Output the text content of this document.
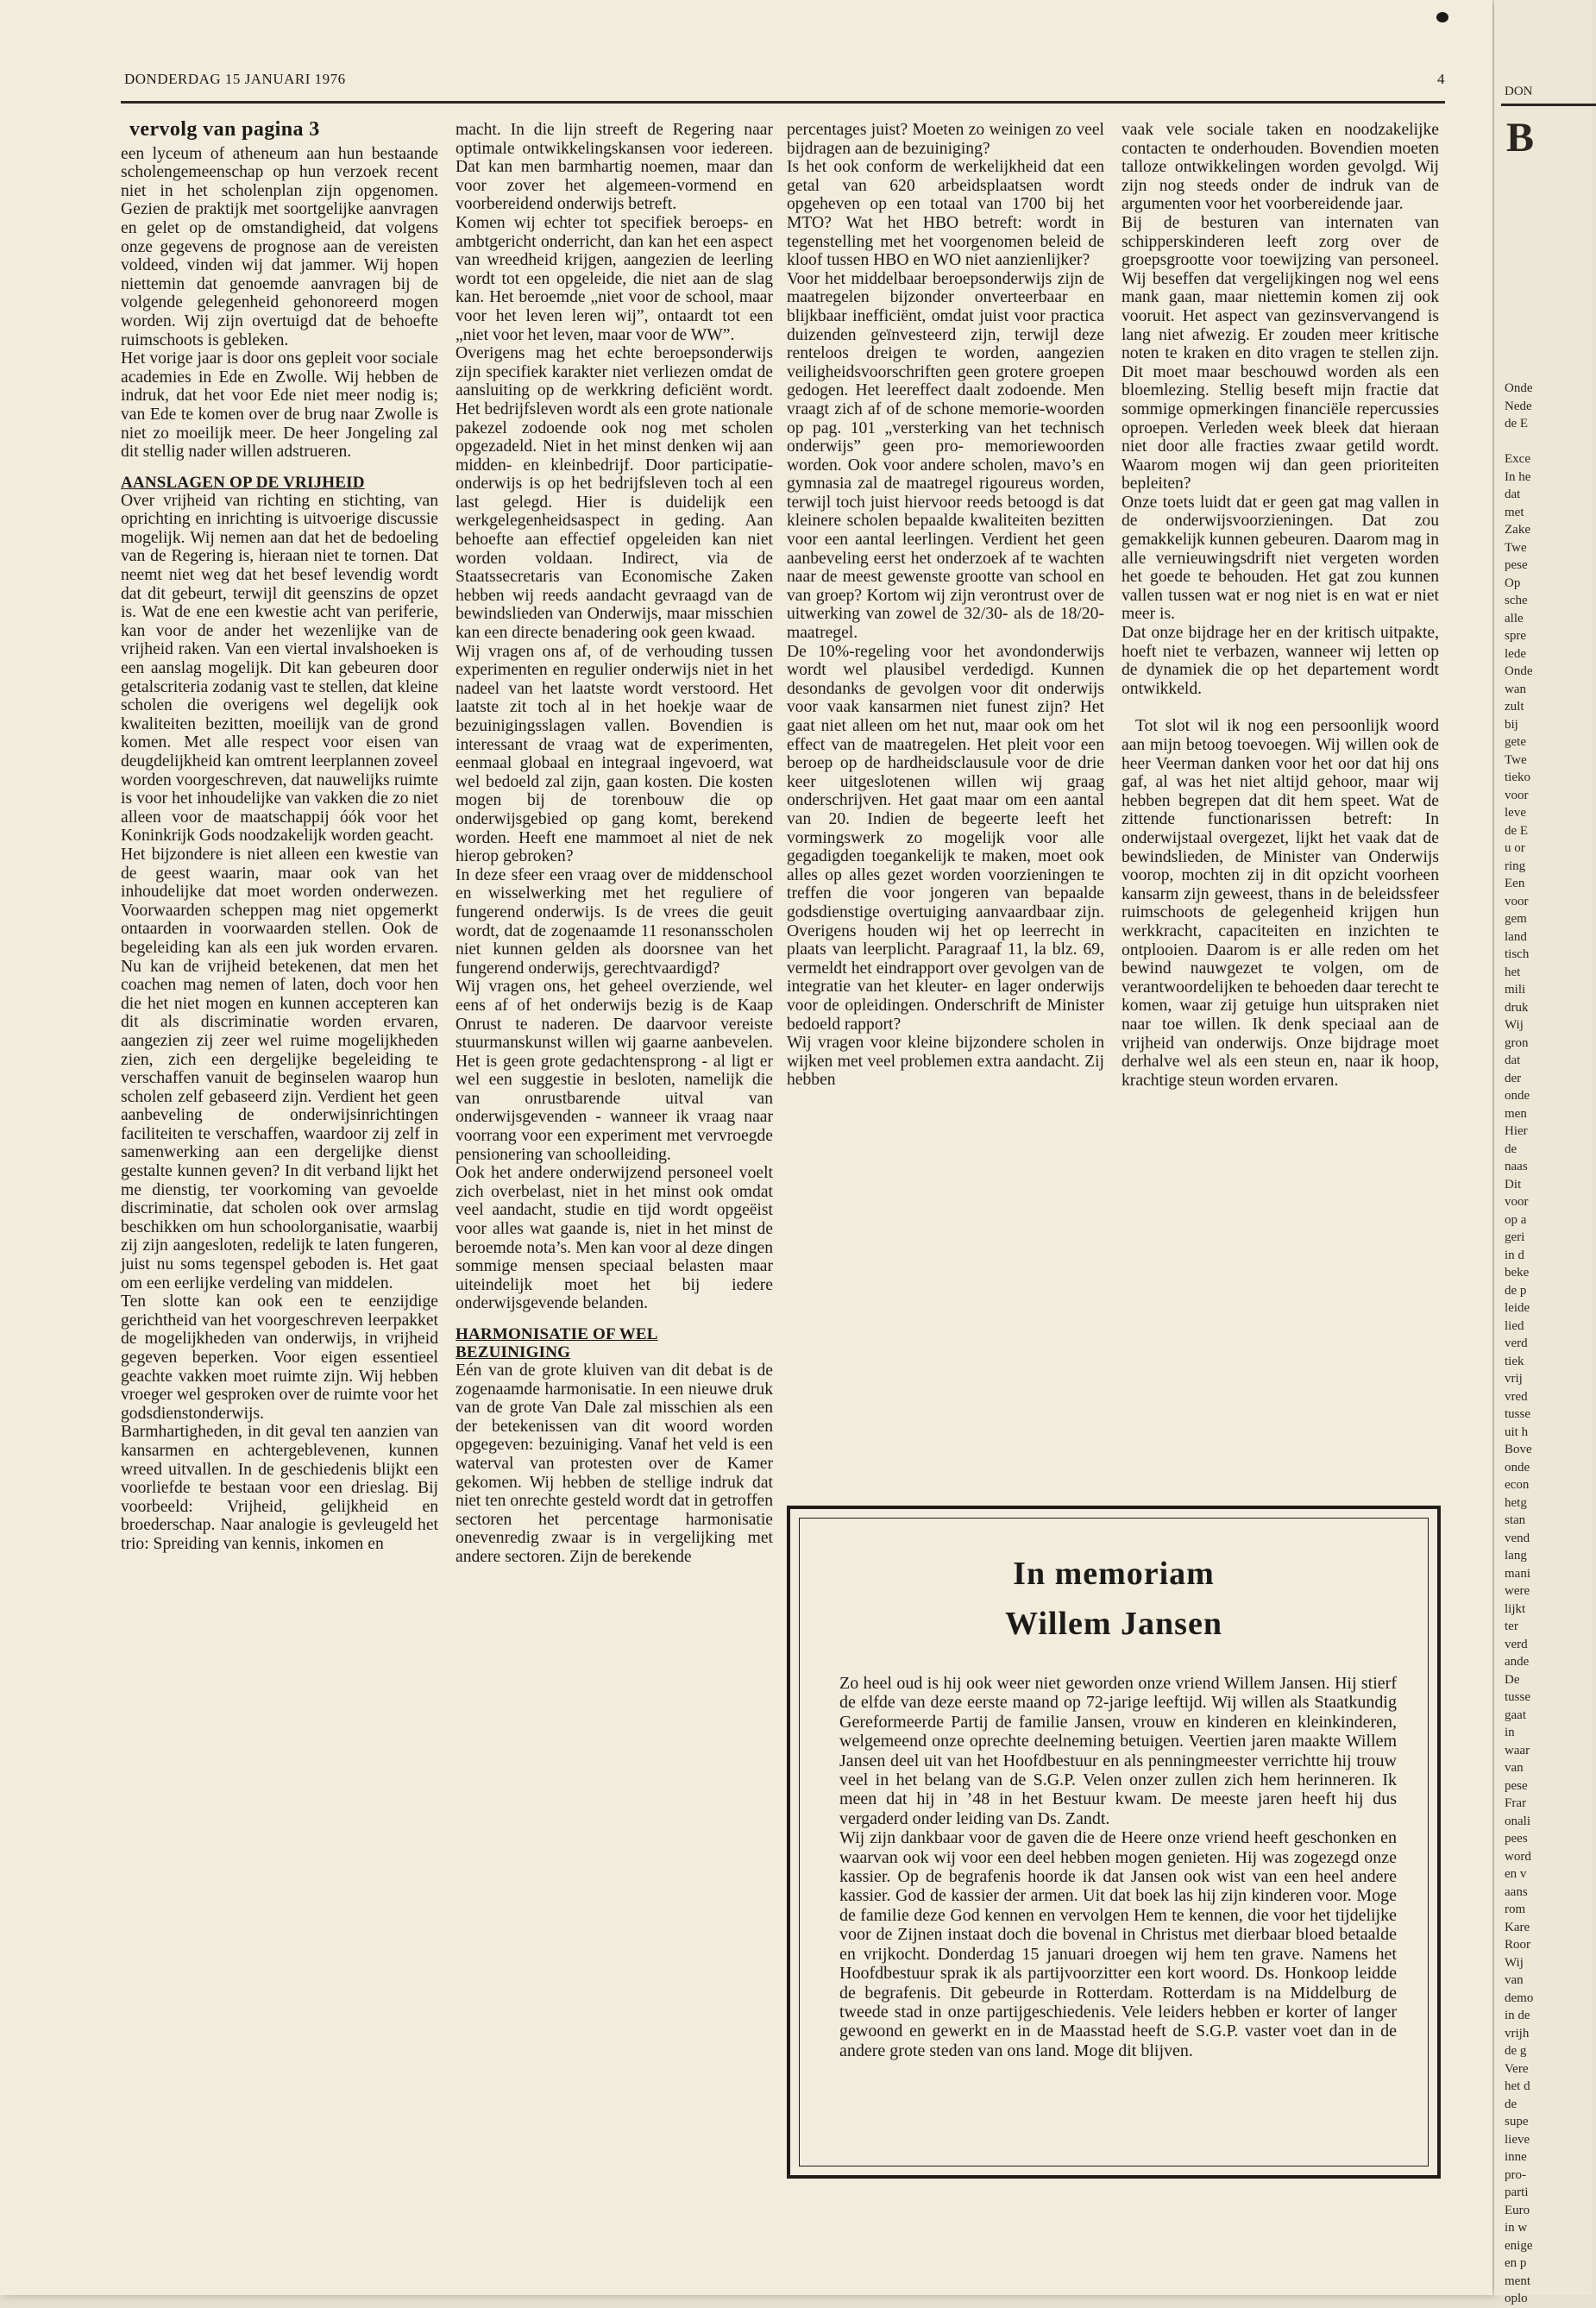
DONDERDAG 15 JANUARI 1976	4
vervolg van pagina 3

een lyceum of atheneum aan hun bestaande scholengemeenschap op hun verzoek recent niet in het scholenplan zijn opgenomen. Gezien de praktijk met soortgelijke aanvragen en gelet op de omstandigheid, dat volgens onze gegevens de prognose aan de vereisten voldeed, vinden wij dat jammer. Wij hopen niettemin dat genoemde aanvragen bij de volgende gelegenheid gehonoreerd mogen worden. Wij zijn overtuigd dat de behoefte ruimschoots is gebleken.

Het vorige jaar is door ons gepleit voor sociale academies in Ede en Zwolle. Wij hebben de indruk, dat het voor Ede niet meer nodig is; van Ede te komen over de brug naar Zwolle is niet zo moeilijk meer. De heer Jongeling zal dit stellig nader willen adstrueren.

AANSLAGEN OP DE VRIJHEID

Over vrijheid van richting en stichting, van oprichting en inrichting is uitvoerige discussie mogelijk. Wij nemen aan dat het de bedoeling van de Regering is, hieraan niet te tornen. Dat neemt niet weg dat het besef levendig wordt dat dit gebeurt, terwijl dit geenszins de opzet is. Wat de ene een kwestie acht van periferie, kan voor de ander het wezenlijke van de vrijheid raken. Van een viertal invalshoeken is een aanslag mogelijk. Dit kan gebeuren door getalscriteria zodanig vast te stellen, dat kleine scholen die overigens wel degelijk ook kwaliteiten bezitten, moeilijk van de grond komen. Met alle respect voor eisen van deugdelijkheid kan omtrent leerplannen zoveel worden voorgeschreven, dat nauwelijks ruimte is voor het inhoudelijke van vakken die zo niet alleen voor de maatschappij óók voor het Koninkrijk Gods noodzakelijk worden geacht.

Het bijzondere is niet alleen een kwestie van de geest waarin, maar ook van het inhoudelijke dat moet worden onderwezen. Voorwaarden scheppen mag niet opgemerkt ontaarden in voorwaarden stellen. Ook de begeleiding kan als een juk worden ervaren. Nu kan de vrijheid betekenen, dat men het coachen mag nemen of laten, doch voor hen die het niet mogen en kunnen accepteren kan dit als discriminatie worden ervaren, aangezien zij zeer wel ruime mogelijkheden zien, zich een dergelijke begeleiding te verschaffen vanuit de beginselen waarop hun scholen zelf gebaseerd zijn. Verdient het geen aanbeveling de onderwijsinrichtingen faciliteiten te verschaffen, waardoor zij zelf in samenwerking aan een dergelijke dienst gestalte kunnen geven? In dit verband lijkt het me dienstig, ter voorkoming van gevoelde discriminatie, dat scholen ook over armslag beschikken om hun schoolorganisatie, waarbij zij zijn aangesloten, redelijk te laten fungeren, juist nu soms tegenspel geboden is. Het gaat om een eerlijke verdeling van middelen.

Ten slotte kan ook een te eenzijdige gerichtheid van het voorgeschreven leerpakket de mogelijkheden van onderwijs, in vrijheid gegeven beperken. Voor eigen essentieel geachte vakken moet ruimte zijn. Wij hebben vroeger wel gesproken over de ruimte voor het godsdienstonderwijs.

Barmhartigheden, in dit geval ten aanzien van kansarmen en achtergeblevenen, kunnen wreed uitvallen. In de geschiedenis blijkt een voorliefde te bestaan voor een drieslag. Bij voorbeeld: Vrijheid, gelijkheid en broederschap. Naar analogie is gevleugeld het trio: Spreiding van kennis, inkomen en

macht. In die lijn streeft de Regering naar optimale ontwikkelingskansen voor iedereen. Dat kan men barmhartig noemen, maar dan voor zover het algemeen-vormend en voorbereidend onderwijs betreft.

Komen wij echter tot specifiek beroeps- en ambtgericht onderricht, dan kan het een aspect van wreedheid krijgen, aangezien de leerling wordt tot een opgeleide, die niet aan de slag kan. Het beroemde „niet voor de school, maar voor het leven leren wij”, ontaardt tot een „niet voor het leven, maar voor de WW”.

Overigens mag het echte beroepsonderwijs zijn specifiek karakter niet verliezen omdat de aansluiting op de werkkring deficiënt wordt. Het bedrijfsleven wordt als een grote nationale pakezel zodoende ook nog met scholen opgezadeld. Niet in het minst denken wij aan midden- en kleinbedrijf. Door participatie-onderwijs is op het bedrijfsleven toch al een last gelegd. Hier is duidelijk een werkgelegenheidsaspect in geding. Aan behoefte aan effectief opgeleiden kan niet worden voldaan. Indirect, via de Staatssecretaris van Economische Zaken hebben wij reeds aandacht gevraagd van de bewindslieden van Onderwijs, maar misschien kan een directe benadering ook geen kwaad.

Wij vragen ons af, of de verhouding tussen experimenten en regulier onderwijs niet in het nadeel van het laatste wordt verstoord. Het laatste zit toch al in het hoekje waar de bezuinigingsslagen vallen. Bovendien is interessant de vraag wat de experimenten, eenmaal globaal en integraal ingevoerd, wat wel bedoeld zal zijn, gaan kosten. Die kosten mogen bij de torenbouw die op onderwijsgebied op gang komt, berekend worden. Heeft ene mammoet al niet de nek hierop gebroken?

In deze sfeer een vraag over de middenschool en wisselwerking met het reguliere of fungerend onderwijs. Is de vrees die geuit wordt, dat de zogenaamde 11 resonansscholen niet kunnen gelden als doorsnee van het fungerend onderwijs, gerechtvaardigd?

Wij vragen ons, het geheel overziende, wel eens af of het onderwijs bezig is de Kaap Onrust te naderen. De daarvoor vereiste stuurmanskunst willen wij gaarne aanbevelen. Het is geen grote gedachtensprong - al ligt er wel een suggestie in besloten, namelijk die van onrustbarende uitval van onderwijsgevenden - wanneer ik vraag naar voorrang voor een experiment met vervroegde pensionering van schoolleiding.

Ook het andere onderwijzend personeel voelt zich overbelast, niet in het minst ook omdat veel aandacht, studie en tijd wordt opgeëist voor alles wat gaande is, niet in het minst de beroemde nota’s. Men kan voor al deze dingen sommige mensen speciaal belasten maar uiteindelijk moet het bij iedere onderwijsgevende belanden.

HARMONISATIE OF WEL BEZUINIGING

Eén van de grote kluiven van dit debat is de zogenaamde harmonisatie. In een nieuwe druk van de grote Van Dale zal misschien als een der betekenissen van dit woord worden opgegeven: bezuiniging. Vanaf het veld is een waterval van protesten over de Kamer gekomen. Wij hebben de stellige indruk dat niet ten onrechte gesteld wordt dat in getroffen sectoren het percentage harmonisatie onevenredig zwaar is in vergelijking met andere sectoren. Zijn de berekende

percentages juist? Moeten zo weinigen zo veel bijdragen aan de bezuiniging?

Is het ook conform de werkelijkheid dat een getal van 620 arbeidsplaatsen wordt opgeheven op een totaal van 1700 bij het MTO? Wat het HBO betreft: wordt in tegenstelling met het voorgenomen beleid de kloof tussen HBO en WO niet aanzienlijker?

Voor het middelbaar beroepsonderwijs zijn de maatregelen bijzonder onverteerbaar en blijkbaar inefficiënt, omdat juist voor practica duizenden geïnvesteerd zijn, terwijl deze renteloos dreigen te worden, aangezien veiligheidsvoorschriften geen grotere groepen gedogen. Het leereffect daalt zodoende. Men vraagt zich af of de schone memorie-woorden op pag. 101 „versterking van het technisch onderwijs” geen pro- memoriewoorden worden. Ook voor andere scholen, mavo’s en gymnasia zal de maatregel rigoureus worden, terwijl toch juist hiervoor reeds betoogd is dat kleinere scholen bepaalde kwaliteiten bezitten voor een aantal leerlingen. Verdient het geen aanbeveling eerst het onderzoek af te wachten naar de meest gewenste grootte van school en van groep? Kortom wij zijn verontrust over de uitwerking van zowel de 32/30- als de 18/20-maatregel.

De 10%-regeling voor het avondonderwijs wordt wel plausibel verdedigd. Kunnen desondanks de gevolgen voor dit onderwijs voor vaak kansarmen niet funest zijn? Het gaat niet alleen om het nut, maar ook om het effect van de maatregelen. Het pleit voor een beroep op de hardheidsclausule voor de drie keer uitgeslotenen willen wij graag onderschrijven. Het gaat maar om een aantal van 20. Indien de begeerte leeft het vormingswerk zo mogelijk voor alle gegadigden toegankelijk te maken, moet ook alles op alles gezet worden voorzieningen te treffen die voor jongeren van bepaalde godsdienstige overtuiging aanvaardbaar zijn. Overigens houden wij het op leerrecht in plaats van leerplicht. Paragraaf 11, la blz. 69, vermeldt het eindrapport over gevolgen van de integratie van het kleuter- en lager onderwijs voor de opleidingen. Onderschrift de Minister bedoeld rapport?

Wij vragen voor kleine bijzondere scholen in wijken met veel problemen extra aandacht. Zij hebben

vaak vele sociale taken en noodzakelijke contacten te onderhouden. Bovendien moeten talloze ontwikkelingen worden gevolgd. Wij zijn nog steeds onder de indruk van de argumenten voor het voorbereidende jaar.

Bij de besturen van internaten van schipperskinderen leeft zorg over de groepsgrootte voor toewijzing van personeel. Wij beseffen dat vergelijkingen nog wel eens mank gaan, maar niettemin komen zij ook vooruit. Het aspect van gezinsvervangend is lang niet afwezig. Er zouden meer kritische noten te kraken en dito vragen te stellen zijn. Dit moet maar beschouwd worden als een bloemlezing. Stellig beseft mijn fractie dat sommige opmerkingen financiële repercussies oproepen. Verleden week bleek dat hieraan niet door alle fracties zwaar getild wordt. Waarom mogen wij dan geen prioriteiten bepleiten?

Onze toets luidt dat er geen gat mag vallen in de onderwijsvoorzieningen. Dat zou gemakkelijk kunnen gebeuren. Daarom mag in alle vernieuwingsdrift niet vergeten worden het goede te behouden. Het gat zou kunnen vallen tussen wat er nog niet is en wat er niet meer is.

Dat onze bijdrage her en der kritisch uitpakte, hoeft niet te verbazen, wanneer wij letten op de dynamiek die op het departement wordt ontwikkeld.

Tot slot wil ik nog een persoonlijk woord aan mijn betoog toevoegen. Wij willen ook de heer Veerman danken voor het oor dat hij ons gaf, al was het niet altijd gehoor, maar wij hebben begrepen dat dit hem speet. Wat de zittende functionarissen betreft: In onderwijstaal overgezet, lijkt het vaak dat de bewindslieden, de Minister van Onderwijs voorop, mochten zij in dit opzicht voorheen kansarm zijn geweest, thans in de beleidssfeer ruimschoots de gelegenheid krijgen hun werkkracht, capaciteiten en inzichten te ontplooien. Daarom is er alle reden om het bewind nauwgezet te volgen, om de verantwoordelijken te behoeden daar terecht te komen, waar zij getuige hun uitspraken niet naar toe willen. Ik denk speciaal aan de vrijheid van onderwijs. Onze bijdrage moet derhalve wel als een steun en, naar ik hoop, krachtige steun worden ervaren.

In memoriam
Willem Jansen

Zo heel oud is hij ook weer niet geworden onze vriend Willem Jansen. Hij stierf de elfde van deze eerste maand op 72-jarige leeftijd. Wij willen als Staatkundig Gereformeerde Partij de familie Jansen, vrouw en kinderen en kleinkinderen, welgemeend onze oprechte deelneming betuigen. Veertien jaren maakte Willem Jansen deel uit van het Hoofdbestuur en als penningmeester verrichtte hij trouw veel in het belang van de S.G.P. Velen onzer zullen zich hem herinneren. Ik meen dat hij in ’48 in het Bestuur kwam. De meeste jaren heeft hij dus vergaderd onder leiding van Ds. Zandt.

Wij zijn dankbaar voor de gaven die de Heere onze vriend heeft geschonken en waarvan ook wij voor een deel hebben mogen genieten. Hij was zogezegd onze kassier. Op de begrafenis hoorde ik dat Jansen ook wist van een heel andere kassier. God de kassier der armen. Uit dat boek las hij zijn kinderen voor. Moge de familie deze God kennen en vervolgen Hem te kennen, die voor het tijdelijke voor de Zijnen instaat doch die bovenal in Christus met dierbaar bloed betaalde en vrijkocht. Donderdag 15 januari droegen wij hem ten grave. Namens het Hoofdbestuur sprak ik als partijvoorzitter een kort woord. Ds. Honkoop leidde de begrafenis. Dit gebeurde in Rotterdam. Rotterdam is na Middelburg de tweede stad in onze partijgeschiedenis. Vele leiders hebben er korter of langer gewoond en gewerkt en in de Maasstad heeft de S.G.P. vaster voet dan in de andere grote steden van ons land. Moge dit blijven.

DON
B
Onde
Nede
de E

Exce
In he
dat
met
Zake
Twe
pese
Op
sche
alle
spre
lede
Onde
wan
zult
bij
gete
Twe
tieko
voor
leve
de E
u or
ring
Een
voor
gem
land
tisch
het
mili
druk
Wij
gron
dat
der
onde
men
Hier
de
naas
Dit
voor
op a
geri
in d
beke
de p
leide
lied
verd
tiek
vrij
vred
tusse
uit h
Bove
onde
econ
hetg
stan
vend
lang
mani
were
lijkt
ter
verd
ande
De
tusse
gaat
in
waar
van
pese
Frar
onali
pees
word
en v
aans
rom
Kare
Roor
Wij
van
demo
in de
vrijh
de g
Vere
het d
de
supe
lieve
inne
pro-
parti
Euro
in w
enige
en p
ment
oplo
